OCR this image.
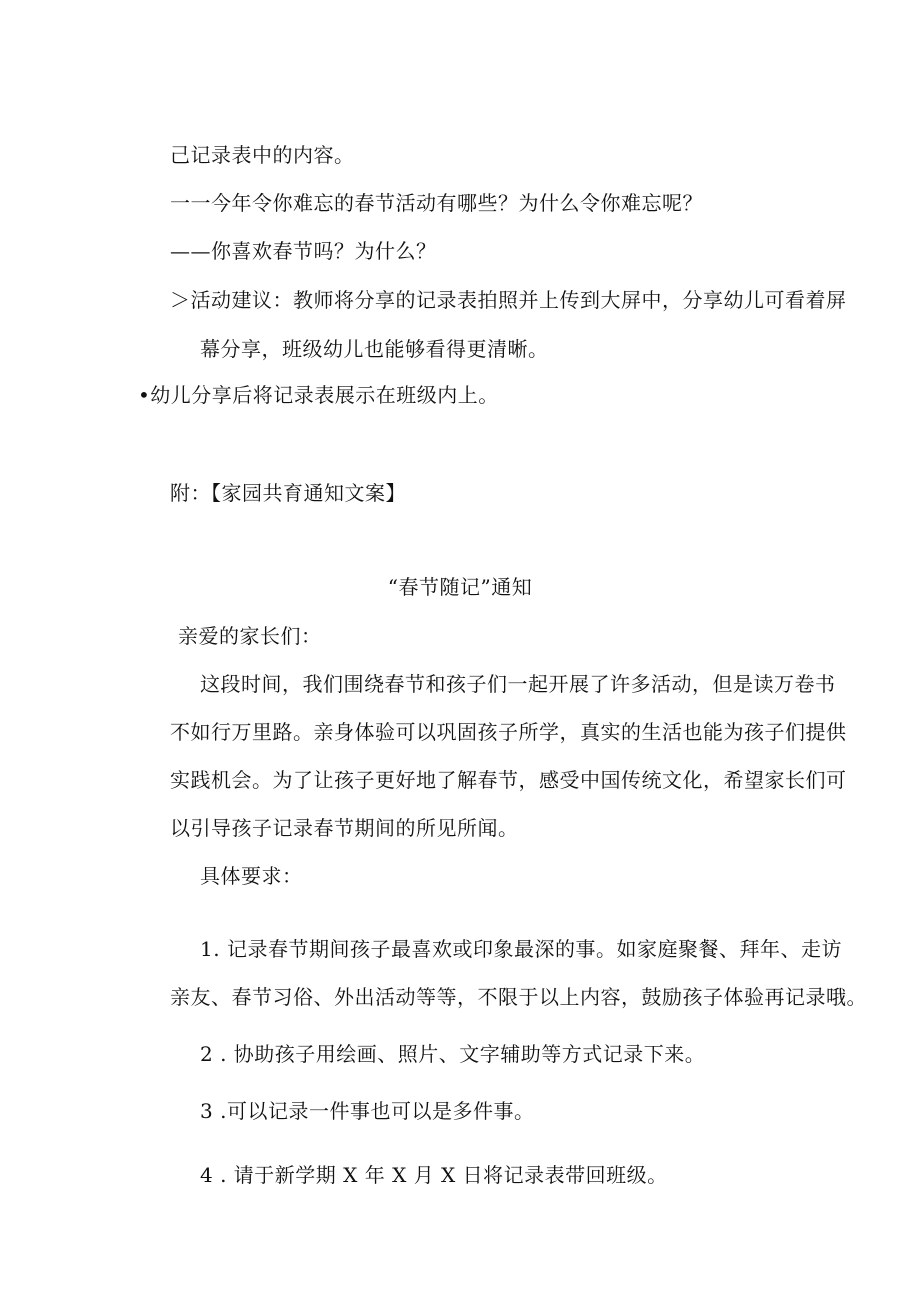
己记录表中的内容。
一一今年令你难忘的春节活动有哪些？为什么令你难忘呢？
——你喜欢春节吗？为什么？
＞活动建议：教师将分享的记录表拍照并上传到大屏中，分享幼儿可看着屏
幕分享，班级幼儿也能够看得更清晰。
•幼儿分享后将记录表展示在班级内上。
附：【家园共育通知文案】
“春节随记”通知
亲爱的家长们：
这段时间，我们围绕春节和孩子们一起开展了许多活动，但是读万卷书
不如行万里路。亲身体验可以巩固孩子所学，真实的生活也能为孩子们提供
实践机会。为了让孩子更好地了解春节，感受中国传统文化，希望家长们可
以引导孩子记录春节期间的所见所闻。
具体要求：
1. 记录春节期间孩子最喜欢或印象最深的事。如家庭聚餐、拜年、走访
亲友、春节习俗、外出活动等等，不限于以上内容，鼓励孩子体验再记录哦。
2 . 协助孩子用绘画、照片、文字辅助等方式记录下来。
3 .可以记录一件事也可以是多件事。
4 . 请于新学期 X 年 X 月 X 日将记录表带回班级。
